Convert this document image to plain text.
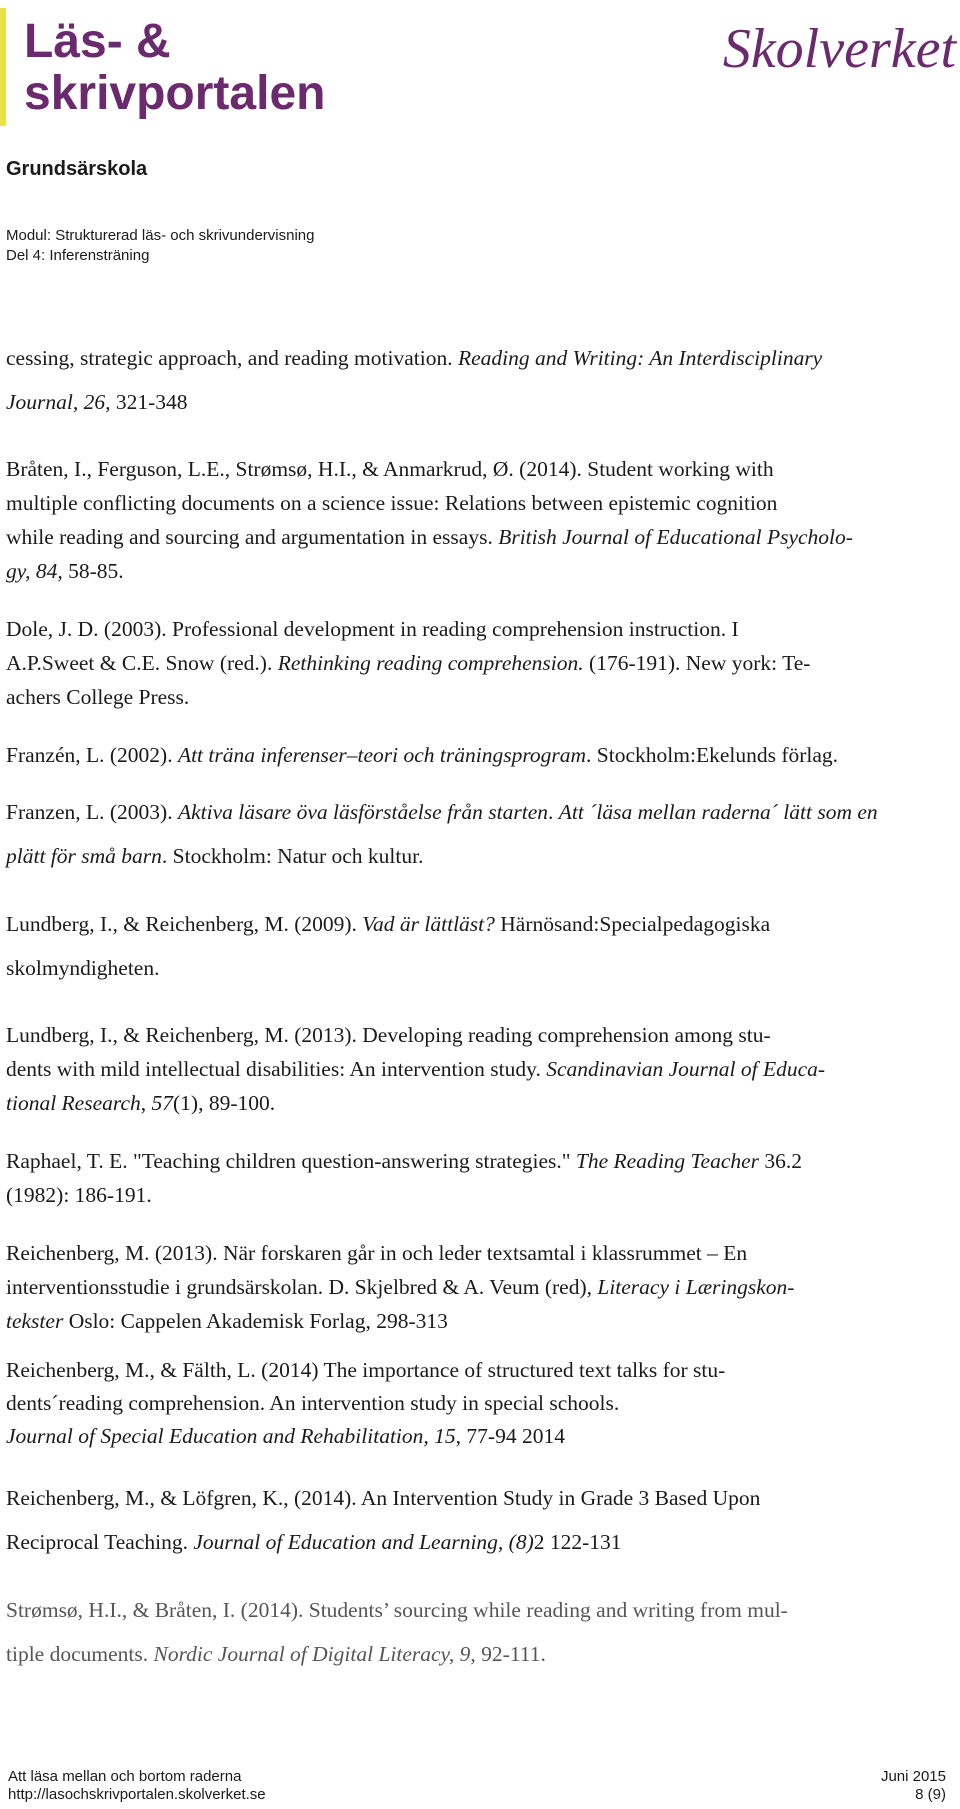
Läs- &
skrivportalen
Skolverket
Grundsärskola
Modul: Strukturerad läs- och skrivundervisning
Del 4: Inferensträning
cessing, strategic approach, and reading motivation. Reading and Writing: An Interdisciplinary
Journal, 26, 321-348
Bråten, I., Ferguson, L.E., Strømsø, H.I., & Anmarkrud, Ø. (2014). Student working with
multiple conflicting documents on a science issue: Relations between epistemic cognition
while reading and sourcing and argumentation in essays. British Journal of Educational Psycholo-
gy, 84, 58-85.
Dole, J. D. (2003). Professional development in reading comprehension instruction. I
A.P.Sweet & C.E. Snow (red.). Rethinking reading comprehension. (176-191). New york: Te-
achers College Press.
Franzén, L. (2002). Att träna inferenser–teori och träningsprogram. Stockholm:Ekelunds förlag.
Franzen, L. (2003). Aktiva läsare öva läsförståelse från starten. Att ´läsa mellan raderna´ lätt som en
plätt för små barn. Stockholm: Natur och kultur.
Lundberg, I., & Reichenberg, M. (2009). Vad är lättläst? Härnösand:Specialpedagogiska
skolmyndigheten.
Lundberg, I., & Reichenberg, M. (2013). Developing reading comprehension among stu-
dents with mild intellectual disabilities: An intervention study. Scandinavian Journal of Educa-
tional Research, 57(1), 89-100.
Raphael, T. E. "Teaching children question-answering strategies." The Reading Teacher 36.2
(1982): 186-191.
Reichenberg, M. (2013). När forskaren går in och leder textsamtal i klassrummet – En
interventionsstudie i grundsärskolan. D. Skjelbred & A. Veum (red), Literacy i Læringskon-
tekster Oslo: Cappelen Akademisk Forlag, 298-313
Reichenberg, M., & Fälth, L. (2014) The importance of structured text talks for stu-
dents´reading comprehension. An intervention study in special schools.
Journal of Special Education and Rehabilitation, 15, 77-94 2014
Reichenberg, M., & Löfgren, K., (2014). An Intervention Study in Grade 3 Based Upon
Reciprocal Teaching. Journal of Education and Learning, (8)2 122-131
Strømsø, H.I., & Bråten, I. (2014). Students’ sourcing while reading and writing from mul-
tiple documents. Nordic Journal of Digital Literacy, 9, 92-111.
Att läsa mellan och bortom raderna	Juni 2015
http://lasochskrivportalen.skolverket.se	8 (9)
